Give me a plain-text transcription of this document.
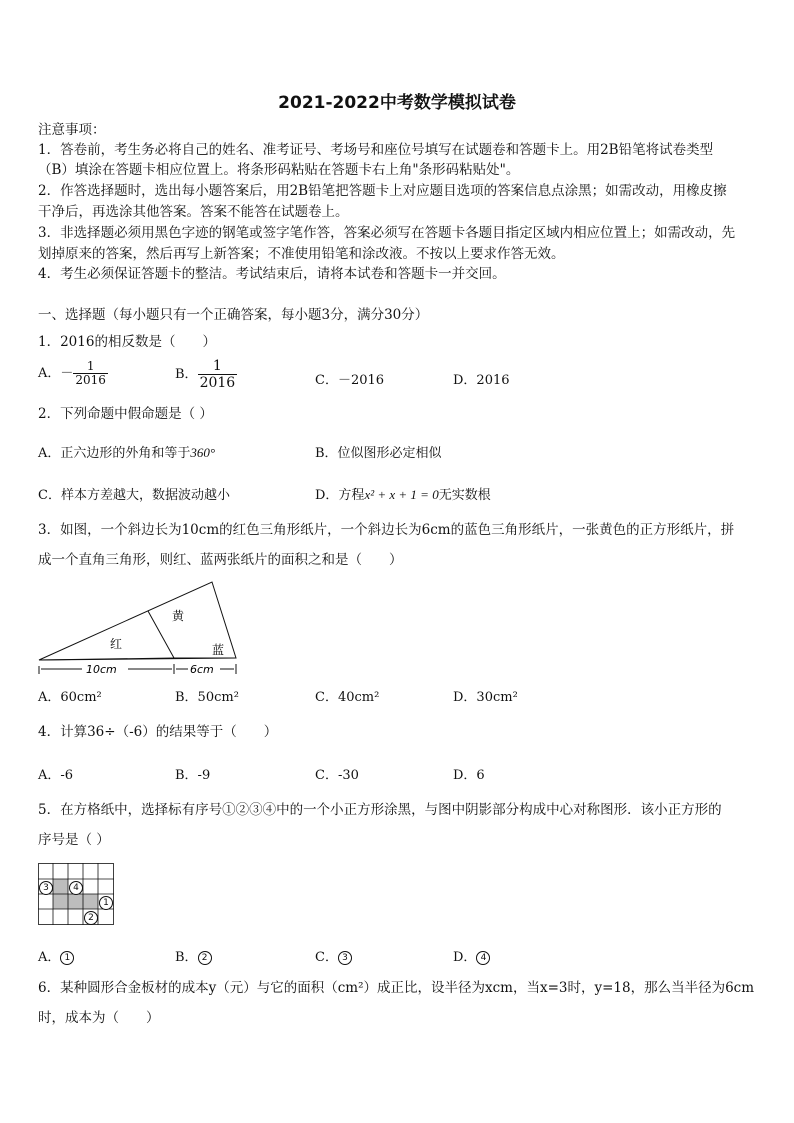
2021-2022中考数学模拟试卷
注意事项：
1．答卷前，考生务必将自己的姓名、准考证号、考场号和座位号填写在试题卷和答题卡上。用2B铅笔将试卷类型
（B）填涂在答题卡相应位置上。将条形码粘贴在答题卡右上角"条形码粘贴处"。
2．作答选择题时，选出每小题答案后，用2B铅笔把答题卡上对应题目选项的答案信息点涂黑；如需改动，用橡皮擦
干净后，再选涂其他答案。答案不能答在试题卷上。
3．非选择题必须用黑色字迹的钢笔或签字笔作答，答案必须写在答题卡各题目指定区域内相应位置上；如需改动，先
划掉原来的答案，然后再写上新答案；不准使用铅笔和涂改液。不按以上要求作答无效。
4．考生必须保证答题卡的整洁。考试结束后，请将本试卷和答题卡一并交回。
一、选择题（每小题只有一个正确答案，每小题3分，满分30分）
1．2016的相反数是（　　）
A．－ $\frac{1}{2016}$	B． $\frac{1}{2016}$	C．－2016	D．2016
2．下列命题中假命题是（ ）
A．正六边形的外角和等于360°	B．位似图形必定相似
C．样本方差越大，数据波动越小	D．方程x² + x + 1 = 0无实数根
3．如图，一个斜边长为10cm的红色三角形纸片，一个斜边长为6cm的蓝色三角形纸片，一张黄色的正方形纸片，拼
成一个直角三角形，则红、蓝两张纸片的面积之和是（　　）
黄
红	蓝
10cm	6cm
A．60cm²	B．50cm²	C．40cm²	D．30cm²
4．计算36÷（-6）的结果等于（　　）
A．-6	B．-9	C．-30	D．6
5．在方格纸中，选择标有序号①②③④中的一个小正方形涂黑，与图中阴影部分构成中心对称图形．该小正方形的
序号是（ ）
3	4
1
2
A． 1	B． 2	C． 3	D． 4
6．某种圆形合金板材的成本y（元）与它的面积（cm²）成正比，设半径为xcm，当x=3时，y=18，那么当半径为6cm
时，成本为（　　）
